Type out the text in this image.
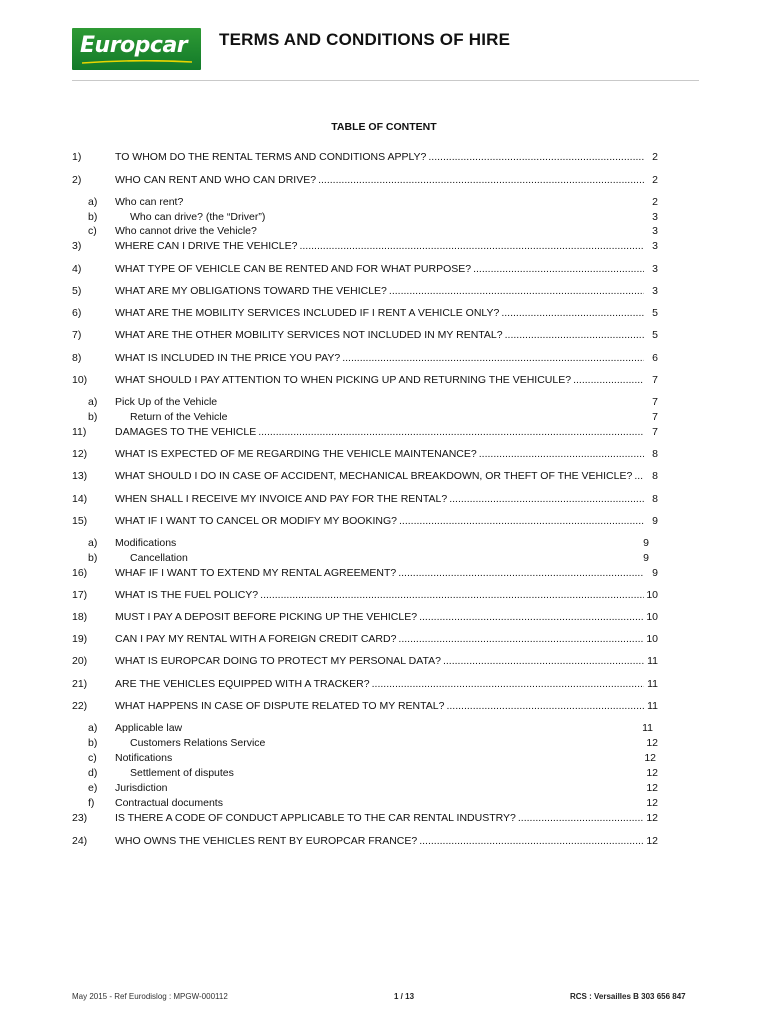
Europcar TERMS AND CONDITIONS OF HIRE
TABLE OF CONTENT
1)	TO WHOM DO THE RENTAL TERMS AND CONDITIONS APPLY? .....	2
2)	WHO CAN RENT AND WHO CAN DRIVE? .....	2
a)	Who can rent?	2
b)	Who can drive? (the “Driver”)	3
c)	Who cannot drive the Vehicle?	3
3)	WHERE CAN I DRIVE THE VEHICLE? .....	3
4)	WHAT TYPE OF VEHICLE CAN BE RENTED AND FOR WHAT PURPOSE? .....	3
5)	WHAT ARE MY OBLIGATIONS TOWARD THE VEHICLE? .....	3
6)	WHAT ARE THE MOBILITY SERVICES INCLUDED IF I RENT A VEHICLE ONLY? .....	5
7)	WHAT ARE THE OTHER MOBILITY SERVICES NOT INCLUDED IN MY RENTAL? .....	5
8)	WHAT IS INCLUDED IN THE PRICE YOU PAY? .....	6
10)	WHAT SHOULD I PAY ATTENTION TO WHEN PICKING UP AND RETURNING THE VEHICULE? .....	7
a)	Pick Up of the Vehicle	7
b)	Return of the Vehicle	7
11)	DAMAGES TO THE VEHICLE .....	7
12)	WHAT IS EXPECTED OF ME REGARDING THE VEHICLE MAINTENANCE? .....	8
13)	WHAT SHOULD I DO IN CASE OF ACCIDENT, MECHANICAL BREAKDOWN, OR THEFT OF THE VEHICLE? ..... 8
14)	WHEN SHALL I RECEIVE MY INVOICE AND PAY FOR THE RENTAL? .....	8
15)	WHAT IF I WANT TO CANCEL OR MODIFY MY BOOKING? .....	9
a)	Modifications	9
b)	Cancellation	9
16)	WHAF IF I WANT TO EXTEND MY RENTAL AGREEMENT? .....	9
17)	WHAT IS THE FUEL POLICY? .....	10
18)	MUST I PAY A DEPOSIT BEFORE PICKING UP THE VEHICLE? .....	10
19)	CAN I PAY MY RENTAL WITH A FOREIGN CREDIT CARD? .....	10
20)	WHAT IS EUROPCAR DOING TO PROTECT MY PERSONAL DATA? .....	11
21)	ARE THE VEHICLES EQUIPPED WITH A TRACKER? .....	11
22)	WHAT HAPPENS IN CASE OF DISPUTE RELATED TO MY RENTAL? .....	11
a)	Applicable law	11
b)	Customers Relations Service	12
c)	Notifications	12
d)	Settlement of disputes	12
e)	Jurisdiction	12
f)	Contractual documents	12
23)	IS THERE A CODE OF CONDUCT APPLICABLE TO THE CAR RENTAL INDUSTRY? .....	12
24)	WHO OWNS THE VEHICLES RENT BY EUROPCAR FRANCE? .....	12
May 2015 - Ref Eurodislog : MPGW-000112	1 / 13	RCS : Versailles B 303 656 847
